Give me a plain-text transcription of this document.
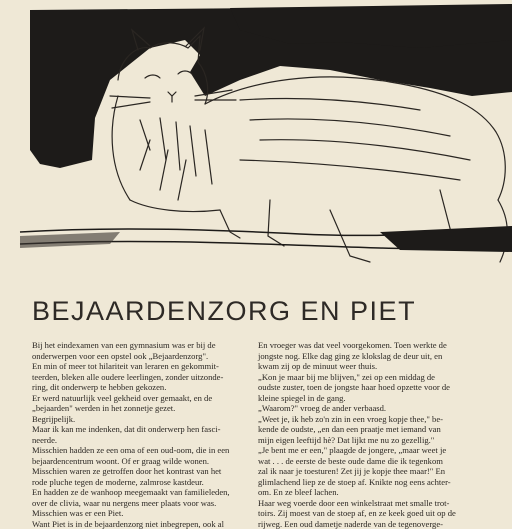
BEJAARDENZORG EN PIET

Bij het eindexamen van een gymnasium was er bij de

onderwerpen voor een opstel ook „Bejaardenzorg".

En min of meer tot hilariteit van leraren en gekommit-

teerden, bleken alle oudere leerlingen, zonder uitzonde-

ring, dit onderwerp te hebben gekozen.

Er werd natuurlijk veel gekheid over gemaakt, en de

„bejaarden" werden in het zonnetje gezet.

Begrijpelijk.

Maar ik kan me indenken, dat dit onderwerp hen fasci-

neerde.

Misschien hadden ze een oma of een oud-oom, die in een

bejaardencentrum woont. Of er graag wilde wonen.

Misschien waren ze getroffen door het kontrast van het

rode pluche tegen de moderne, zalmrose kastdeur.

En hadden ze de wanhoop meegemaakt van familieleden,

over de clivia, waar nu nergens meer plaats voor was.

Misschien was er een Piet.

Want Piet is in de bejaardenzorg niet inbegrepen, ook al

En vroeger was dat veel voorgekomen. Toen werkte de

jongste nog. Elke dag ging ze klokslag de deur uit, en

kwam zij op de minuut weer thuis.

„Kon je maar bij me blijven," zei op een middag de

oudste zuster, toen de jongste haar hoed opzette voor de

kleine spiegel in de gang.

„Waarom?" vroeg de ander verbaasd.

„Weet je, ik heb zo'n zin in een vroeg kopje thee," be-

kende de oudste, „en dan een praatje met iemand van

mijn eigen leeftijd hè? Dat lijkt me nu zo gezellig."

„Je bent me er een," plaagde de jongere, „maar weet je

wat . . . de eerste de beste oude dame die ik tegenkom

zal ik naar je toesturen! Zet jij je kopje thee maar!" En

glimlachend liep ze de stoep af. Knikte nog eens achter-

om. En ze bleef lachen.

Haar weg voerde door een winkelstraat met smalle trot-

toirs. Zij moest van de stoep af, en ze keek goed uit op de

rijweg. Een oud dametje naderde van de tegenoverge-
